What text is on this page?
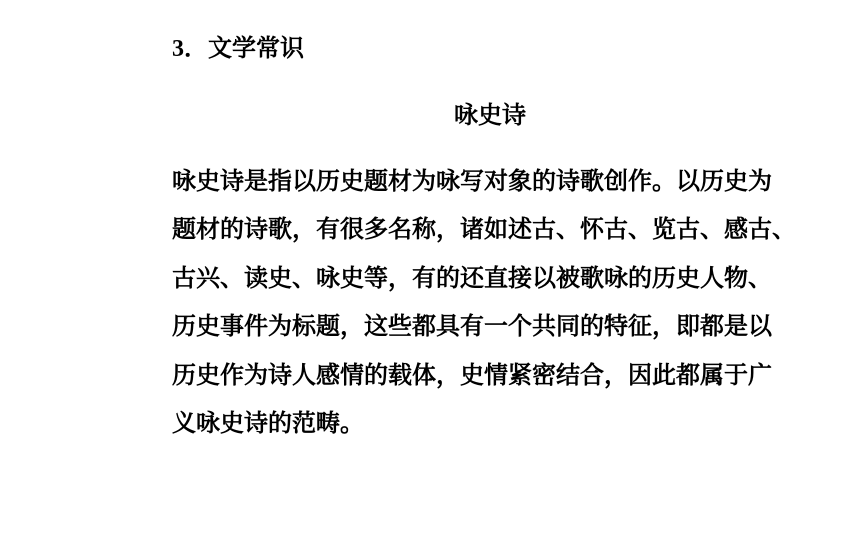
3．文学常识
咏史诗
咏史诗是指以历史题材为咏写对象的诗歌创作。以历史为
题材的诗歌，有很多名称，诸如述古、怀古、览古、感古、
古兴、读史、咏史等，有的还直接以被歌咏的历史人物、
历史事件为标题，这些都具有一个共同的特征，即都是以
历史作为诗人感情的载体，史情紧密结合，因此都属于广
义咏史诗的范畴。
